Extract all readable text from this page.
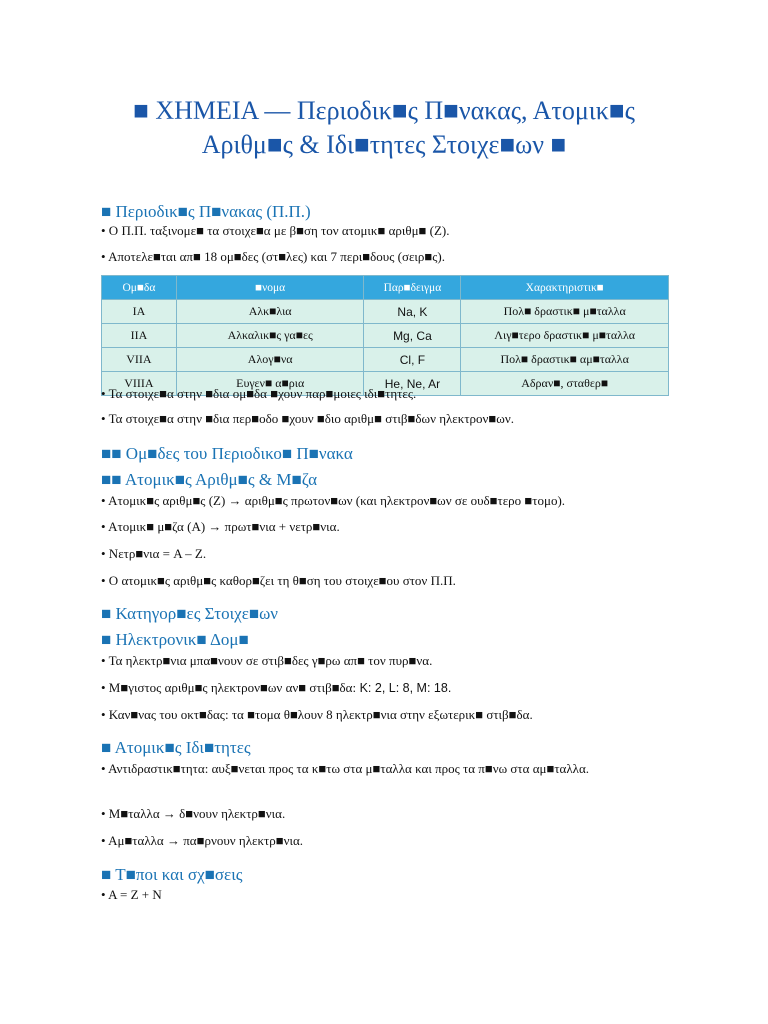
■ ΧΗΜΕΙΑ — Περιοδικ■ς Π■νακας, Ατομικ■ς
Αριθμ■ς & Ιδι■τητες Στοιχε■ων ■
■ Περιοδικ■ς Π■νακας (Π.Π.)
• Ο Π.Π. ταξινομε■ τα στοιχε■α με β■ση τον ατομικ■ αριθμ■ (Z).
• Αποτελε■ται απ■ 18 ομ■δες (στ■λες) και 7 περι■δους (σειρ■ς).
Ομ■δα	■νομα	Παρ■δειγμα	Χαρακτηριστικ■
IA	Αλκ■λια	Na, K	Πολ■ δραστικ■ μ■ταλλα
IIA	Αλκαλικ■ς γα■ες	Mg, Ca	Λιγ■τερο δραστικ■ μ■ταλλα
VIIA	Αλογ■να	Cl, F	Πολ■ δραστικ■ αμ■ταλλα
VIIIA	Ευγεν■ α■ρια	He, Ne, Ar	Αδραν■, σταθερ■
• Τα στοιχε■α στην ■δια ομ■δα ■χουν παρ■μοιες ιδι■τητες.
• Τα στοιχε■α στην ■δια περ■οδο ■χουν ■διο αριθμ■ στιβ■δων ηλεκτρον■ων.
■■ Ομ■δες του Περιοδικο■ Π■νακα
■■ Ατομικ■ς Αριθμ■ς & Μ■ζα
• Ατομικ■ς αριθμ■ς (Z) → αριθμ■ς πρωτον■ων (και ηλεκτρον■ων σε ουδ■τερο ■τομο).
• Ατομικ■ μ■ζα (A) → πρωτ■νια + νετρ■νια.
• Νετρ■νια = A – Z.
• Ο ατομικ■ς αριθμ■ς καθορ■ζει τη θ■ση του στοιχε■ου στον Π.Π.
■ Κατηγορ■ες Στοιχε■ων
■ Ηλεκτρονικ■ Δομ■
• Τα ηλεκτρ■νια μπα■νουν σε στιβ■δες γ■ρω απ■ τον πυρ■να.
• Μ■γιστος αριθμ■ς ηλεκτρον■ων αν■ στιβ■δα: K: 2, L: 8, M: 18.
• Καν■νας του οκτ■δας: τα ■τομα θ■λουν 8 ηλεκτρ■νια στην εξωτερικ■ στιβ■δα.
■ Ατομικ■ς Ιδι■τητες
• Αντιδραστικ■τητα: αυξ■νεται προς τα κ■τω στα μ■ταλλα και προς τα π■νω στα αμ■ταλλα.
• Μ■ταλλα → δ■νουν ηλεκτρ■νια.
• Αμ■ταλλα → πα■ρνουν ηλεκτρ■νια.
■ Τ■ποι και σχ■σεις
• A = Z + N
